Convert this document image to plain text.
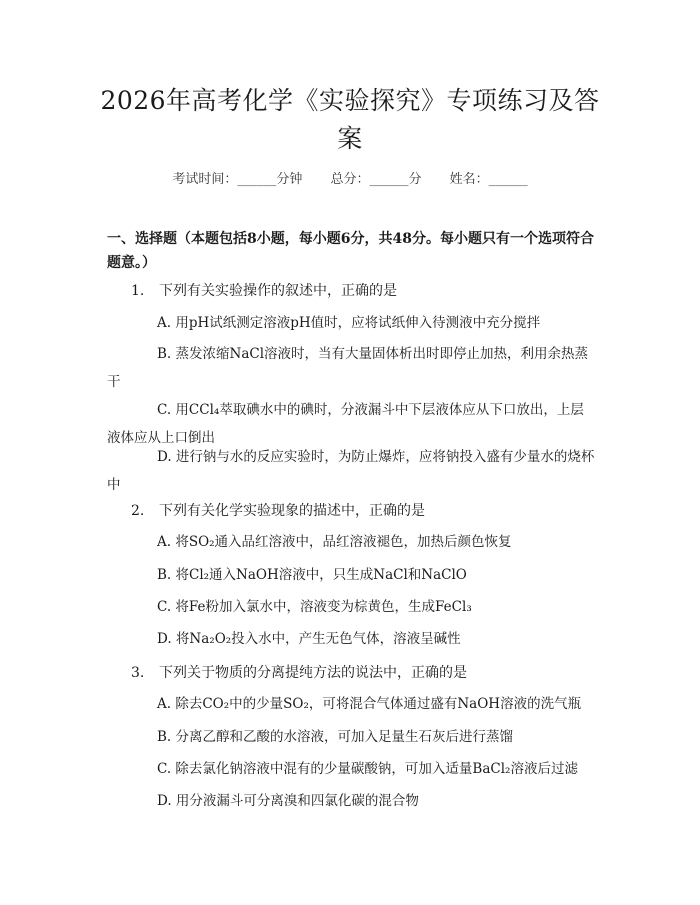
2026年高考化学《实验探究》专项练习及答案
考试时间：______分钟 总分：______分 姓名：______
一、选择题（本题包括8小题，每小题6分，共48分。每小题只有一个选项符合题意。）
1. 下列有关实验操作的叙述中，正确的是
A. 用pH试纸测定溶液pH值时，应将试纸伸入待测液中充分搅拌
B. 蒸发浓缩NaCl溶液时，当有大量固体析出时即停止加热，利用余热蒸干
C. 用CCl₄萃取碘水中的碘时，分液漏斗中下层液体应从下口放出，上层液体应从上口倒出
D. 进行钠与水的反应实验时，为防止爆炸，应将钠投入盛有少量水的烧杯中
2. 下列有关化学实验现象的描述中，正确的是
A. 将SO₂通入品红溶液中，品红溶液褪色，加热后颜色恢复
B. 将Cl₂通入NaOH溶液中，只生成NaCl和NaClO
C. 将Fe粉加入氯水中，溶液变为棕黄色，生成FeCl₃
D. 将Na₂O₂投入水中，产生无色气体，溶液呈碱性
3. 下列关于物质的分离提纯方法的说法中，正确的是
A. 除去CO₂中的少量SO₂，可将混合气体通过盛有NaOH溶液的洗气瓶
B. 分离乙醇和乙酸的水溶液，可加入足量生石灰后进行蒸馏
C. 除去氯化钠溶液中混有的少量碳酸钠，可加入适量BaCl₂溶液后过滤
D. 用分液漏斗可分离溴和四氯化碳的混合物
